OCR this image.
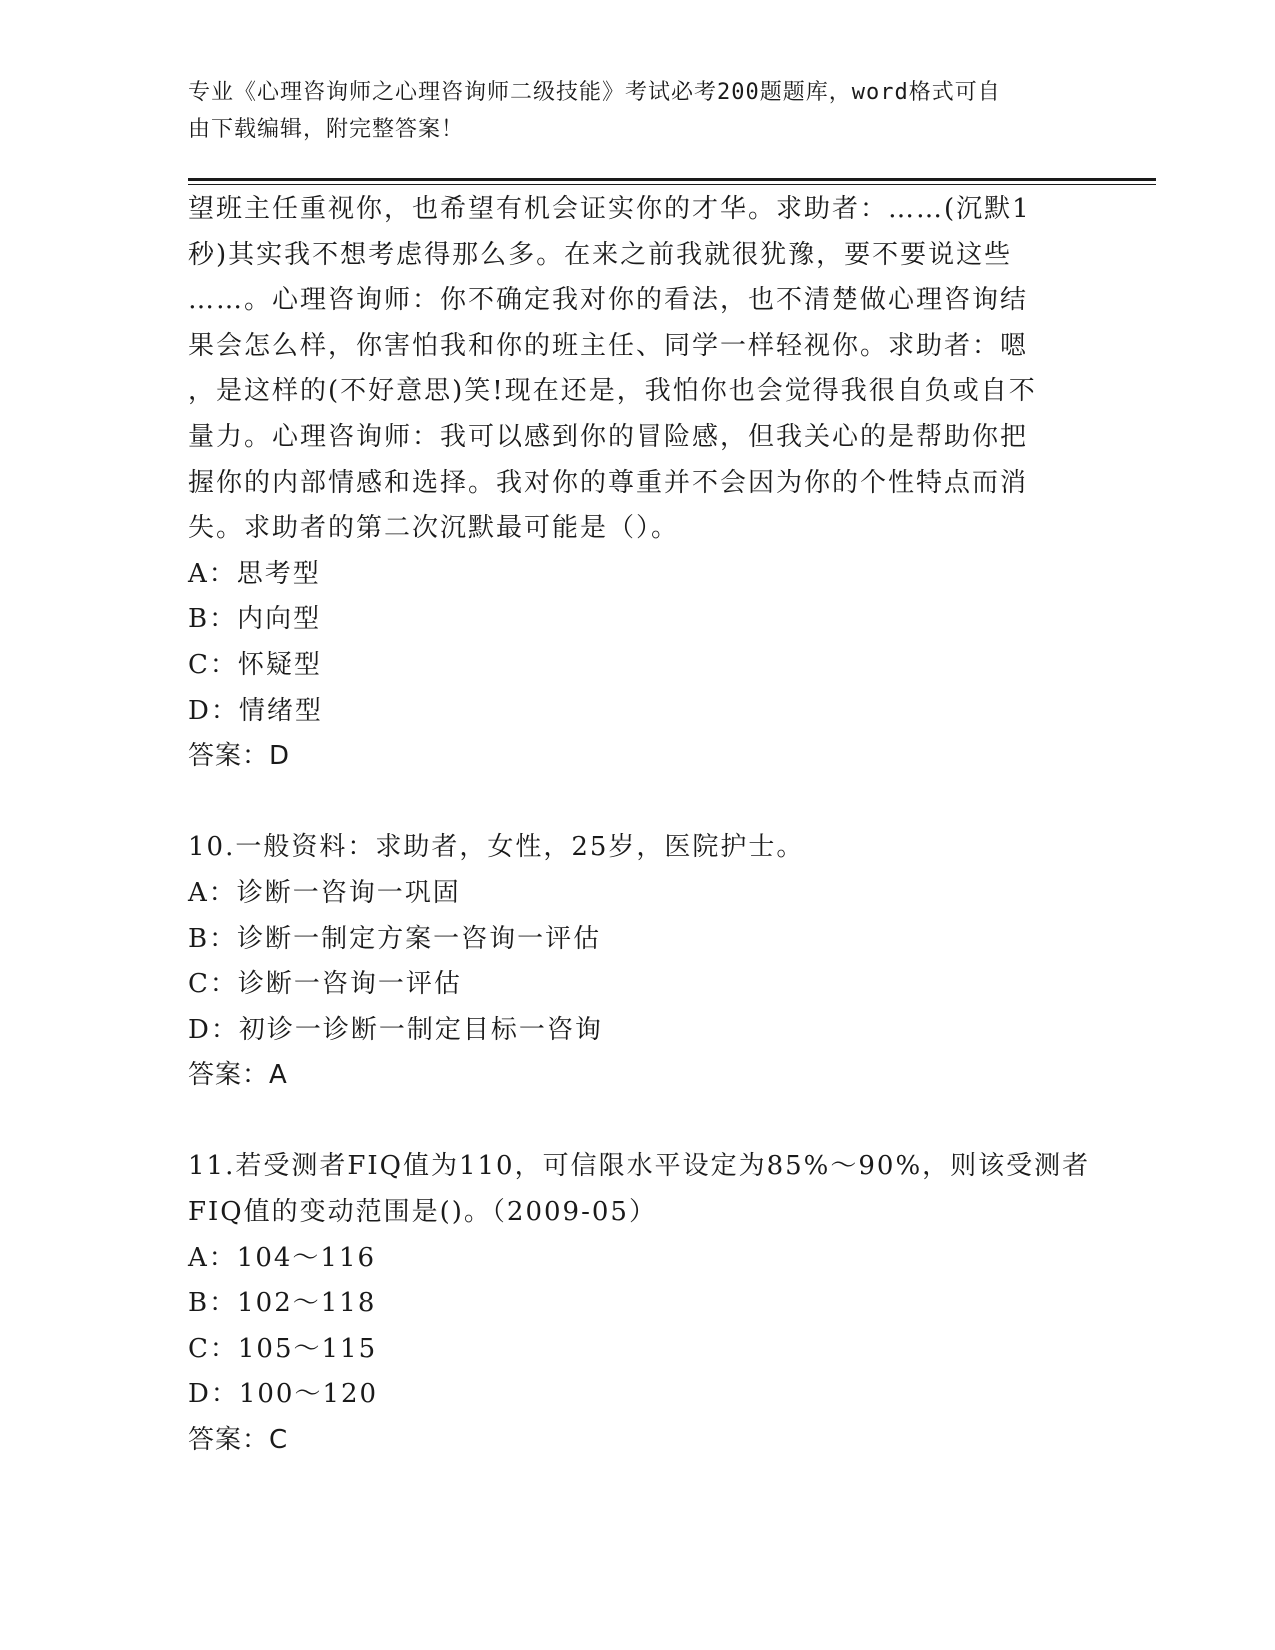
专业《心理咨询师之心理咨询师二级技能》考试必考200题题库，word格式可自
由下载编辑，附完整答案！
望班主任重视你，也希望有机会证实你的才华。求助者：……(沉默1
秒)其实我不想考虑得那么多。在来之前我就很犹豫，要不要说这些
……。心理咨询师：你不确定我对你的看法，也不清楚做心理咨询结
果会怎么样，你害怕我和你的班主任、同学一样轻视你。求助者：嗯
，是这样的(不好意思)笑!现在还是，我怕你也会觉得我很自负或自不
量力。心理咨询师：我可以感到你的冒险感，但我关心的是帮助你把
握你的内部情感和选择。我对你的尊重并不会因为你的个性特点而消
失。求助者的第二次沉默最可能是（）。
A：思考型
B：内向型
C：怀疑型
D：情绪型
答案：D
10.一般资料：求助者，女性，25岁，医院护士。
A：诊断一咨询一巩固
B：诊断一制定方案一咨询一评估
C：诊断一咨询一评估
D：初诊一诊断一制定目标一咨询
答案：A
11.若受测者FIQ值为110，可信限水平设定为85%～90%，则该受测者
FIQ值的变动范围是()。（2009-05）
A：104～116
B：102～118
C：105～115
D：100～120
答案：C
